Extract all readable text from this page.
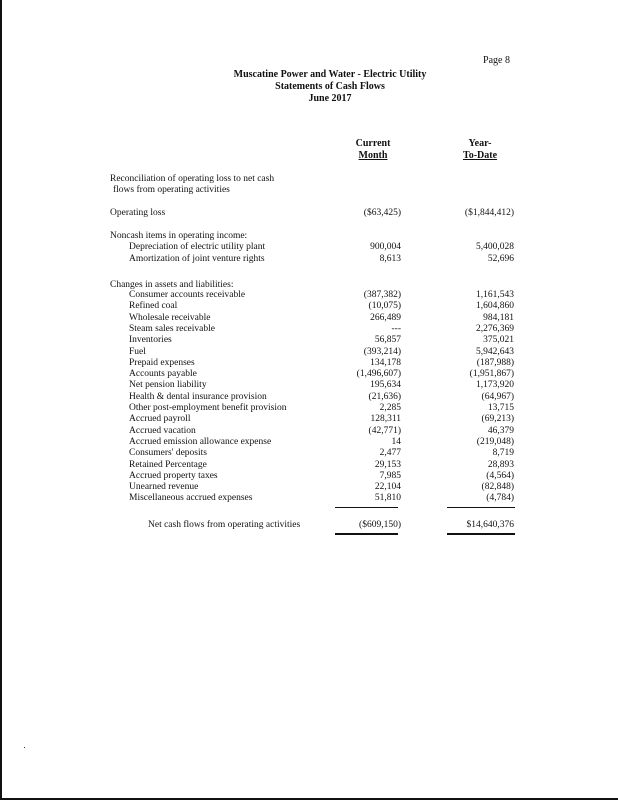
Page 8
Muscatine Power and Water - Electric Utility
Statements of Cash Flows
June 2017
Current
Month
Year-
To-Date
Reconciliation of operating loss to net cash
flows from operating activities
Operating loss	($63,425)	($1,844,412)
Noncash items in operating income:
Depreciation of electric utility plant	900,004	5,400,028
Amortization of joint venture rights	8,613	52,696
Changes in assets and liabilities:
Consumer accounts receivable	(387,382)	1,161,543
Refined coal	(10,075)	1,604,860
Wholesale receivable	266,489	984,181
Steam sales receivable	---	2,276,369
Inventories	56,857	375,021
Fuel	(393,214)	5,942,643
Prepaid expenses	134,178	(187,988)
Accounts payable	(1,496,607)	(1,951,867)
Net pension liability	195,634	1,173,920
Health & dental insurance provision	(21,636)	(64,967)
Other post-employment benefit provision	2,285	13,715
Accrued payroll	128,311	(69,213)
Accrued vacation	(42,771)	46,379
Accrued emission allowance expense	14	(219,048)
Consumers' deposits	2,477	8,719
Retained Percentage	29,153	28,893
Accrued property taxes	7,985	(4,564)
Unearned revenue	22,104	(82,848)
Miscellaneous accrued expenses	51,810	(4,784)
Net cash flows from operating activities	($609,150)	$14,640,376
